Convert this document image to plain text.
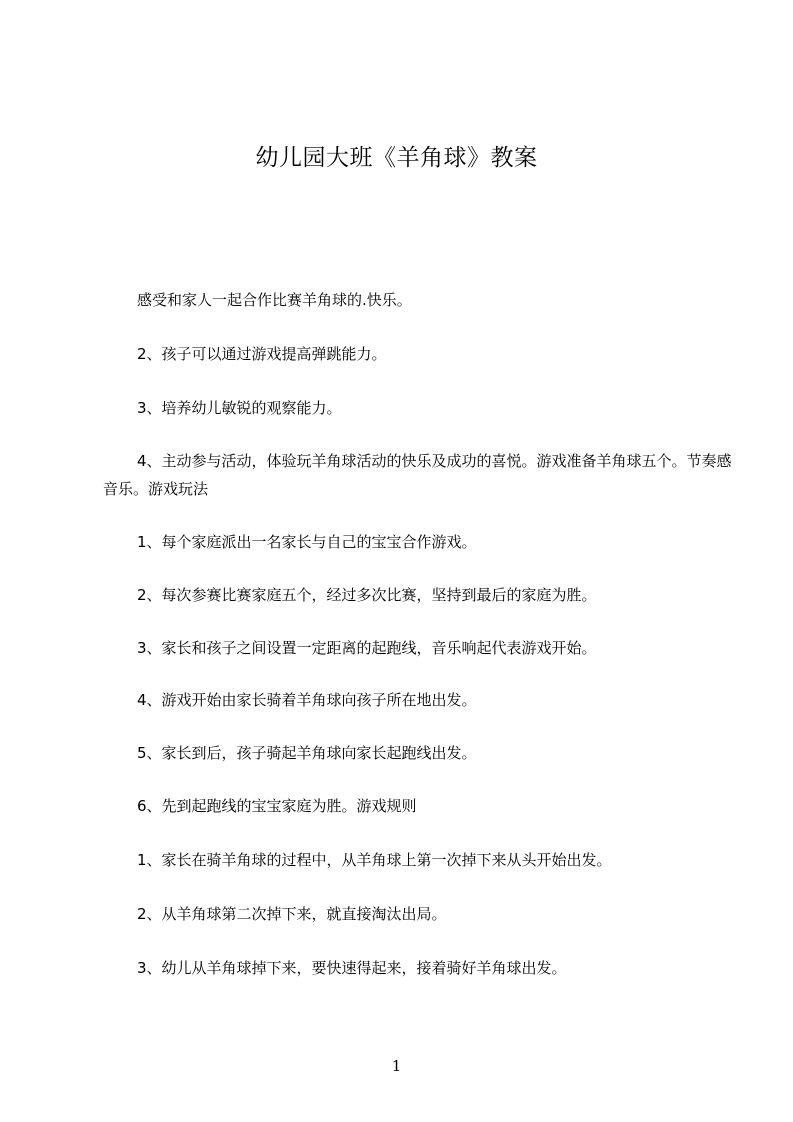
幼儿园大班《羊角球》教案

感受和家人一起合作比赛羊角球的.快乐。

2、孩子可以通过游戏提高弹跳能力。

3、培养幼儿敏锐的观察能力。

4、主动参与活动，体验玩羊角球活动的快乐及成功的喜悦。游戏准备羊角球五个。节奏感音乐。游戏玩法

1、每个家庭派出一名家长与自己的宝宝合作游戏。

2、每次参赛比赛家庭五个，经过多次比赛，坚持到最后的家庭为胜。

3、家长和孩子之间设置一定距离的起跑线，音乐响起代表游戏开始。

4、游戏开始由家长骑着羊角球向孩子所在地出发。

5、家长到后，孩子骑起羊角球向家长起跑线出发。

6、先到起跑线的宝宝家庭为胜。游戏规则

1、家长在骑羊角球的过程中，从羊角球上第一次掉下来从头开始出发。

2、从羊角球第二次掉下来，就直接淘汰出局。

3、幼儿从羊角球掉下来，要快速得起来，接着骑好羊角球出发。

1
